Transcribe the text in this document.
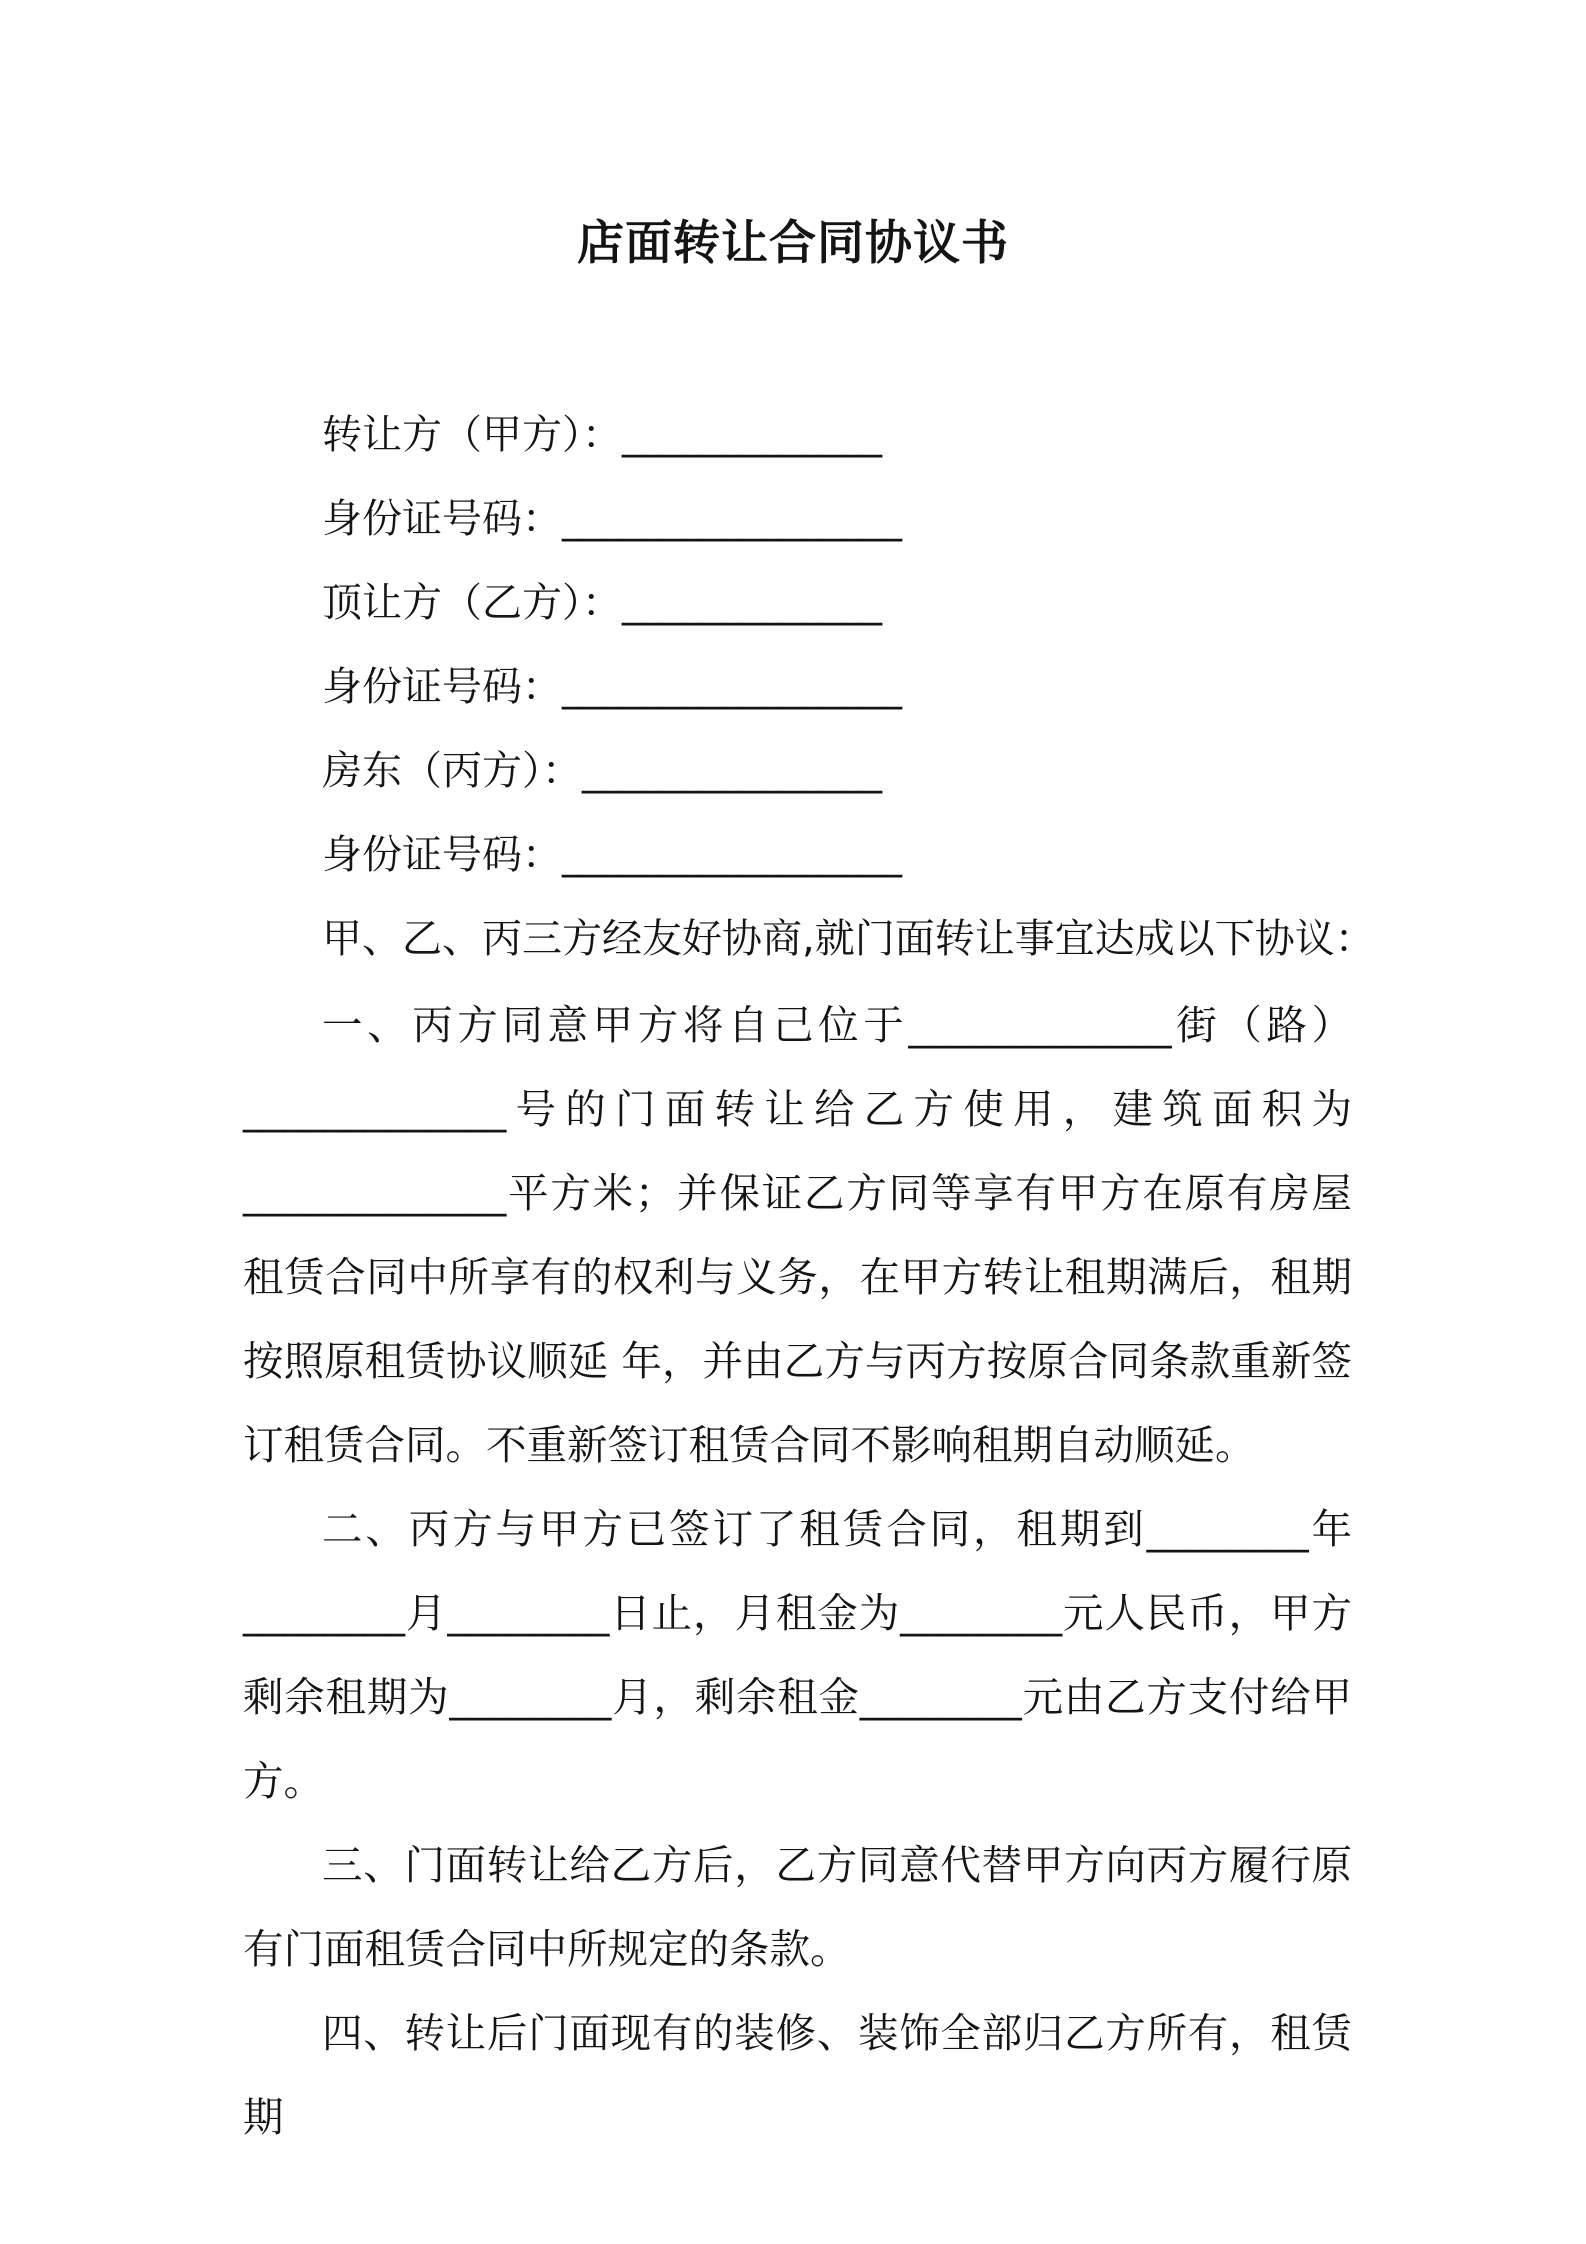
店面转让合同协议书
转让方（甲方）：_____________
身份证号码：_________________
顶让方（乙方）：_____________
身份证号码：_________________
房东（丙方）：_______________
身份证号码：_________________
甲、乙、丙三方经友好协商,就门面转让事宜达成以下协议：

一、丙方同意甲方将自己位于_____________街（路）_____________号的门面转让给乙方使用，建筑面积为_____________平方米；并保证乙方同等享有甲方在原有房屋租赁合同中所享有的权利与义务，在甲方转让租期满后，租期按照原租赁协议顺延 年，并由乙方与丙方按原合同条款重新签订租赁合同。不重新签订租赁合同不影响租期自动顺延。

二、丙方与甲方已签订了租赁合同，租期到________年________月________日止，月租金为________元人民币，甲方剩余租期为________月，剩余租金________元由乙方支付给甲方。

三、门面转让给乙方后，乙方同意代替甲方向丙方履行原有门面租赁合同中所规定的条款。

四、转让后门面现有的装修、装饰全部归乙方所有，租赁期
